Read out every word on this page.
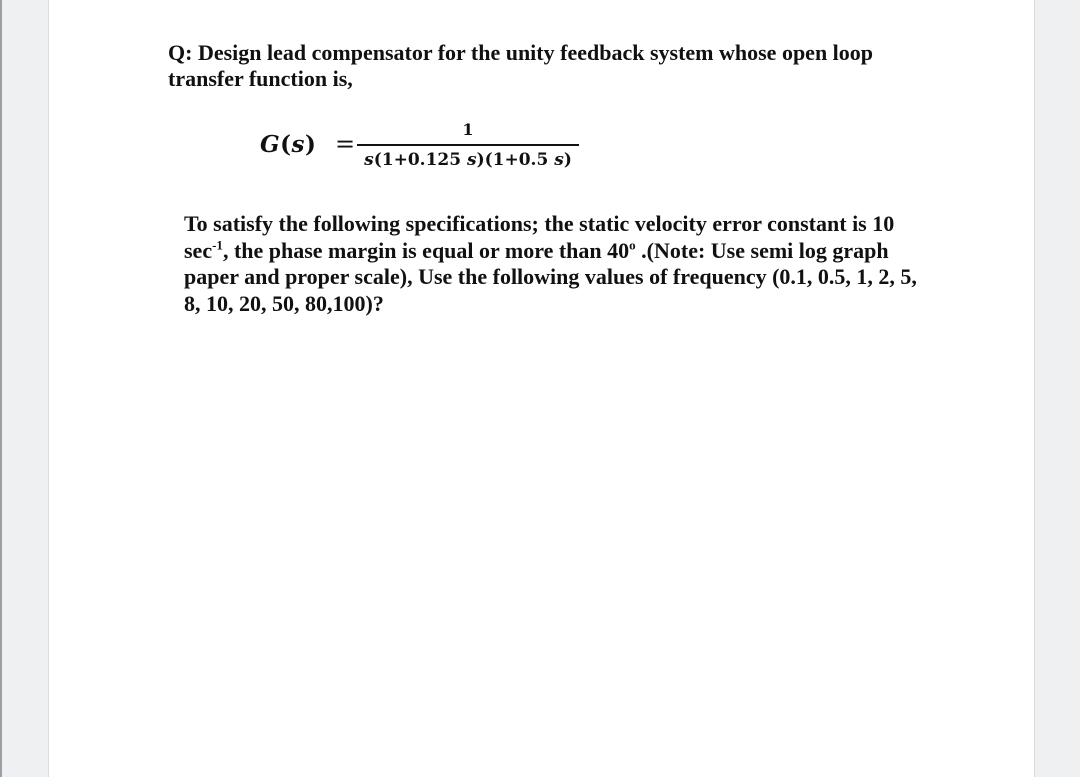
Q: Design lead compensator for the unity feedback system whose open loop transfer function is,

G(s) =
1
s(1+0.125 s)(1+0.5 s)

To satisfy the following specifications; the static velocity error constant is 10 $\sec^{-1}$, the phase margin is equal or more than 40$^o$ .(Note: Use semi log graph paper and proper scale), Use the following values of frequency (0.1, 0.5, 1, 2, 5, 8, 10, 20, 50, 80,100)?
